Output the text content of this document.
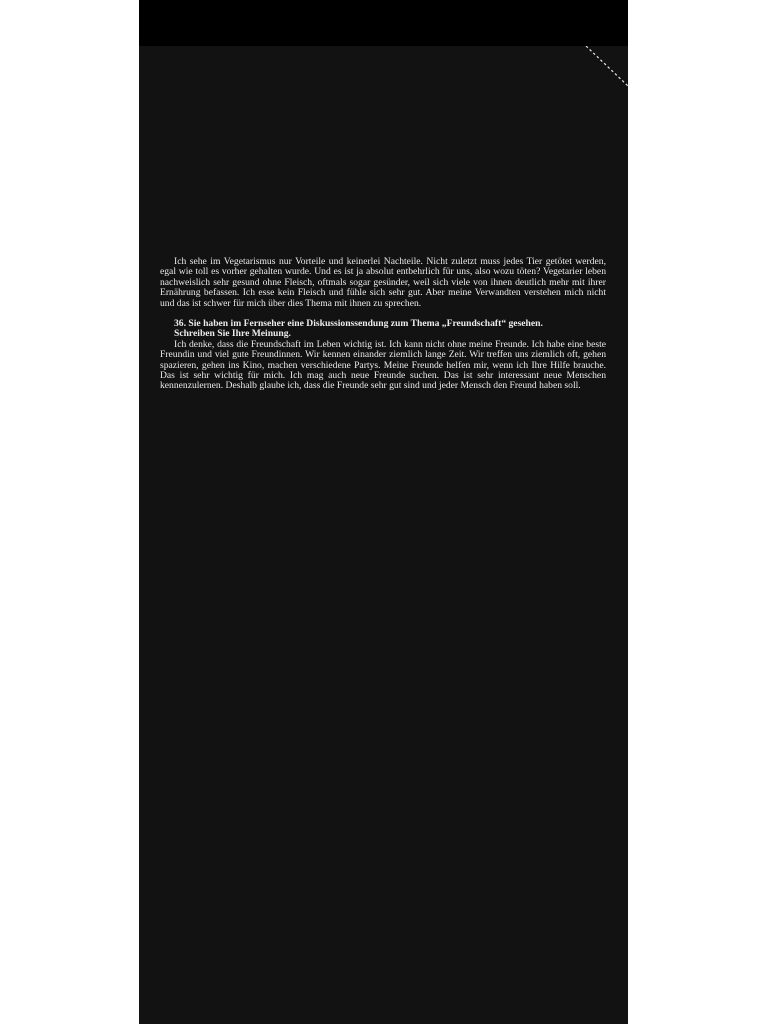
Ich sehe im Vegetarismus nur Vorteile und keinerlei Nachteile. Nicht zuletzt muss jedes Tier getötet werden, egal wie toll es vorher gehalten wurde. Und es ist ja absolut entbehrlich für uns, also wozu töten? Vegetarier leben nachweislich sehr gesund ohne Fleisch, oftmals sogar gesünder, weil sich viele von ihnen deutlich mehr mit ihrer Ernährung befassen. Ich esse kein Fleisch und fühle sich sehr gut. Aber meine Verwandten verstehen mich nicht und das ist schwer für mich über dies Thema mit ihnen zu sprechen.

36. Sie haben im Fernseher eine Diskussionssendung zum Thema „Freundschaft“ gesehen.

Schreiben Sie Ihre Meinung.

Ich denke, dass die Freundschaft im Leben wichtig ist. Ich kann nicht ohne meine Freunde. Ich habe eine beste Freundin und viel gute Freundinnen. Wir kennen einander ziemlich lange Zeit. Wir treffen uns ziemlich oft, gehen spazieren, gehen ins Kino, machen verschiedene Partys. Meine Freunde helfen mir, wenn ich Ihre Hilfe brauche. Das ist sehr wichtig für mich. Ich mag auch neue Freunde suchen. Das ist sehr interessant neue Menschen kennenzulernen. Deshalb glaube ich, dass die Freunde sehr gut sind und jeder Mensch den Freund haben soll.
